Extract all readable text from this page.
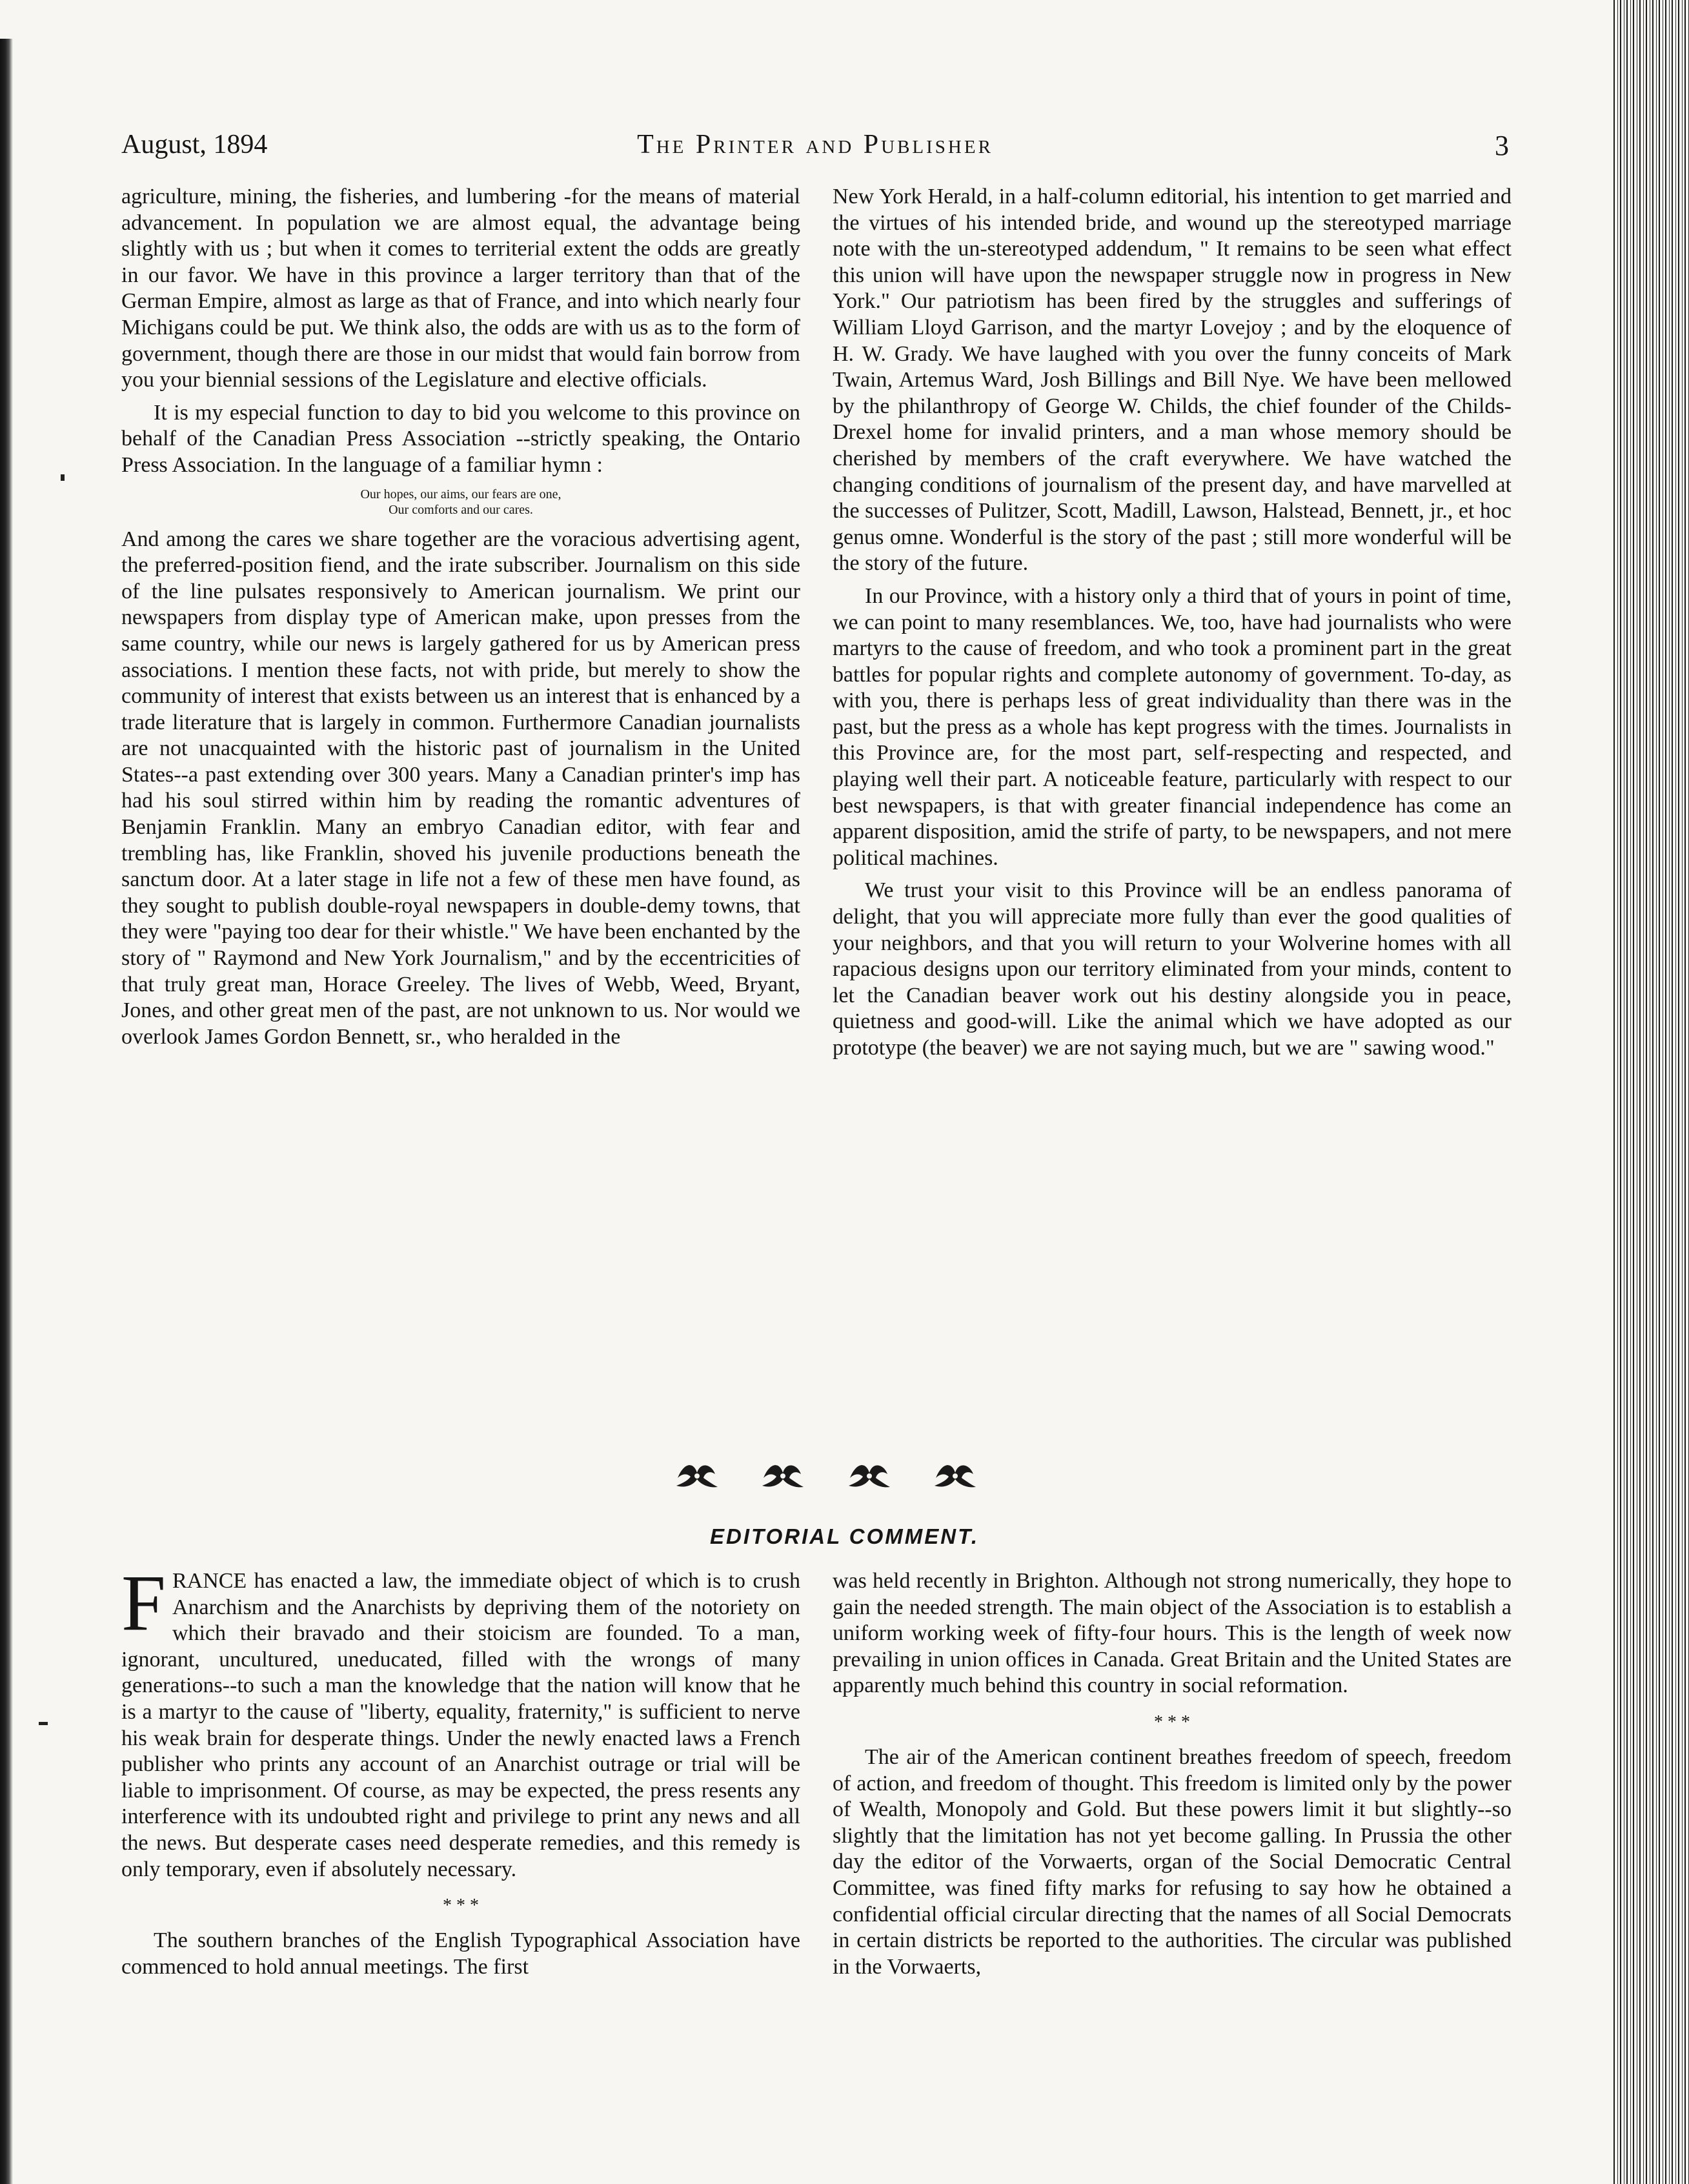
August, 1894	The Printer and Publisher	3

agriculture, mining, the fisheries, and lumbering -for the means of material advancement. In population we are almost equal, the advantage being slightly with us ; but when it comes to territerial extent the odds are greatly in our favor. We have in this province a larger territory than that of the German Empire, almost as large as that of France, and into which nearly four Michigans could be put. We think also, the odds are with us as to the form of government, though there are those in our midst that would fain borrow from you your biennial sessions of the Legislature and elective officials.

It is my especial function to day to bid you welcome to this province on behalf of the Canadian Press Association --strictly speaking, the Ontario Press Association. In the language of a familiar hymn :

Our hopes, our aims, our fears are one,
Our comforts and our cares.

And among the cares we share together are the voracious advertising agent, the preferred-position fiend, and the irate subscriber. Journalism on this side of the line pulsates responsively to American journalism. We print our newspapers from display type of American make, upon presses from the same country, while our news is largely gathered for us by American press associations. I mention these facts, not with pride, but merely to show the community of interest that exists between us an interest that is enhanced by a trade literature that is largely in common. Furthermore Canadian journalists are not unacquainted with the historic past of journalism in the United States--a past extending over 300 years. Many a Canadian printer's imp has had his soul stirred within him by reading the romantic adventures of Benjamin Franklin. Many an embryo Canadian editor, with fear and trembling has, like Franklin, shoved his juvenile productions beneath the sanctum door. At a later stage in life not a few of these men have found, as they sought to publish double-royal newspapers in double-demy towns, that they were "paying too dear for their whistle." We have been enchanted by the story of " Raymond and New York Journalism," and by the eccentricities of that truly great man, Horace Greeley. The lives of Webb, Weed, Bryant, Jones, and other great men of the past, are not unknown to us. Nor would we overlook James Gordon Bennett, sr., who heralded in the

New York Herald, in a half-column editorial, his intention to get married and the virtues of his intended bride, and wound up the stereotyped marriage note with the un-stereotyped addendum, " It remains to be seen what effect this union will have upon the newspaper struggle now in progress in New York." Our patriotism has been fired by the struggles and sufferings of William Lloyd Garrison, and the martyr Lovejoy ; and by the eloquence of H. W. Grady. We have laughed with you over the funny conceits of Mark Twain, Artemus Ward, Josh Billings and Bill Nye. We have been mellowed by the philanthropy of George W. Childs, the chief founder of the Childs-Drexel home for invalid printers, and a man whose memory should be cherished by members of the craft everywhere. We have watched the changing conditions of journalism of the present day, and have marvelled at the successes of Pulitzer, Scott, Madill, Lawson, Halstead, Bennett, jr., et hoc genus omne. Wonderful is the story of the past ; still more wonderful will be the story of the future.

In our Province, with a history only a third that of yours in point of time, we can point to many resemblances. We, too, have had journalists who were martyrs to the cause of freedom, and who took a prominent part in the great battles for popular rights and complete autonomy of government. To-day, as with you, there is perhaps less of great individuality than there was in the past, but the press as a whole has kept progress with the times. Journalists in this Province are, for the most part, self-respecting and respected, and playing well their part. A noticeable feature, particularly with respect to our best newspapers, is that with greater financial independence has come an apparent disposition, amid the strife of party, to be newspapers, and not mere political machines.

We trust your visit to this Province will be an endless panorama of delight, that you will appreciate more fully than ever the good qualities of your neighbors, and that you will return to your Wolverine homes with all rapacious designs upon our territory eliminated from your minds, content to let the Canadian beaver work out his destiny alongside you in peace, quietness and good-will. Like the animal which we have adopted as our prototype (the beaver) we are not saying much, but we are " sawing wood."

EDITORIAL COMMENT.

FRANCE has enacted a law, the immediate object of which is to crush Anarchism and the Anarchists by depriving them of the notoriety on which their bravado and their stoicism are founded. To a man, ignorant, uncultured, uneducated, filled with the wrongs of many generations--to such a man the knowledge that the nation will know that he is a martyr to the cause of "liberty, equality, fraternity," is sufficient to nerve his weak brain for desperate things. Under the newly enacted laws a French publisher who prints any account of an Anarchist outrage or trial will be liable to imprisonment. Of course, as may be expected, the press resents any interference with its undoubted right and privilege to print any news and all the news. But desperate cases need desperate remedies, and this remedy is only temporary, even if absolutely necessary.

* * *

The southern branches of the English Typographical Association have commenced to hold annual meetings. The first

was held recently in Brighton. Although not strong numerically, they hope to gain the needed strength. The main object of the Association is to establish a uniform working week of fifty-four hours. This is the length of week now prevailing in union offices in Canada. Great Britain and the United States are apparently much behind this country in social reformation.

* * *

The air of the American continent breathes freedom of speech, freedom of action, and freedom of thought. This freedom is limited only by the power of Wealth, Monopoly and Gold. But these powers limit it but slightly--so slightly that the limitation has not yet become galling. In Prussia the other day the editor of the Vorwaerts, organ of the Social Democratic Central Committee, was fined fifty marks for refusing to say how he obtained a confidential official circular directing that the names of all Social Democrats in certain districts be reported to the authorities. The circular was published in the Vorwaerts,
